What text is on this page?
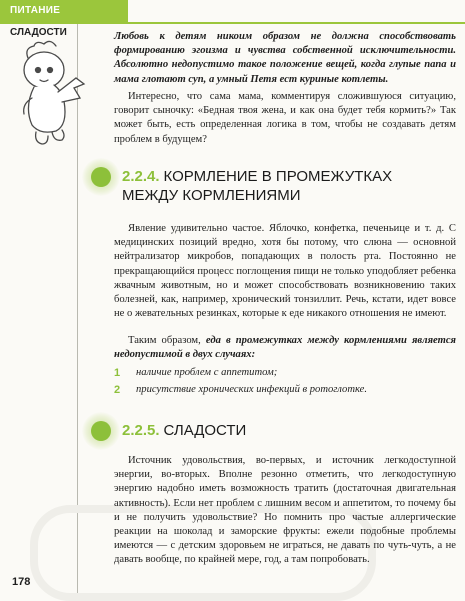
ПИТАНИЕ
СЛАДОСТИ	Любовь к детям никоим образом не должна способствовать формированию эгоизма и чувства собственной исключительности. Абсолютно недопустимо такое положение вещей, когда глупые папа и мама глотают суп, а умный Петя ест куриные котлеты.

Интересно, что сама мама, комментируя сложившуюся ситуацию, говорит сыночку: «Бедная твоя жена, и как она будет тебя кормить?» Так может быть, есть определенная логика в том, чтобы не создавать детям проблем в будущем?

2.2.4. КОРМЛЕНИЕ В ПРОМЕЖУТКАХ МЕЖДУ КОРМЛЕНИЯМИ

Явление удивительно частое. Яблочко, конфетка, печеньице и т. д. С медицинских позиций вредно, хотя бы потому, что слюна — основной нейтрализатор микробов, попадающих в полость рта. Постоянно не прекращающийся процесс поглощения пищи не только уподобляет ребенка жвачным животным, но и может способствовать возникновению таких болезней, как, например, хронический тонзиллит. Речь, кстати, идет вовсе не о жевательных резинках, которые к еде никакого отношения не имеют.

Таким образом, еда в промежутках между кормлениями является недопустимой в двух случаях:

1 наличие проблем с аппетитом;
2 присутствие хронических инфекций в ротоглотке.
2.2.5. СЛАДОСТИ

Источник удовольствия, во-первых, и источник легкодоступной энергии, во-вторых. Вполне резонно отметить, что легкодоступную энергию надобно иметь возможность тратить (достаточная двигательная активность). Если нет проблем с лишним весом и аппетитом, то почему бы и не получить удовольствие? Но помнить про частые аллергические реакции на шоколад и заморские фрукты: ежели подобные проблемы имеются — с детским здоровьем не играться, не давать по чуть-чуть, а не давать вообще, по крайней мере, год, а там попробовать.

178
